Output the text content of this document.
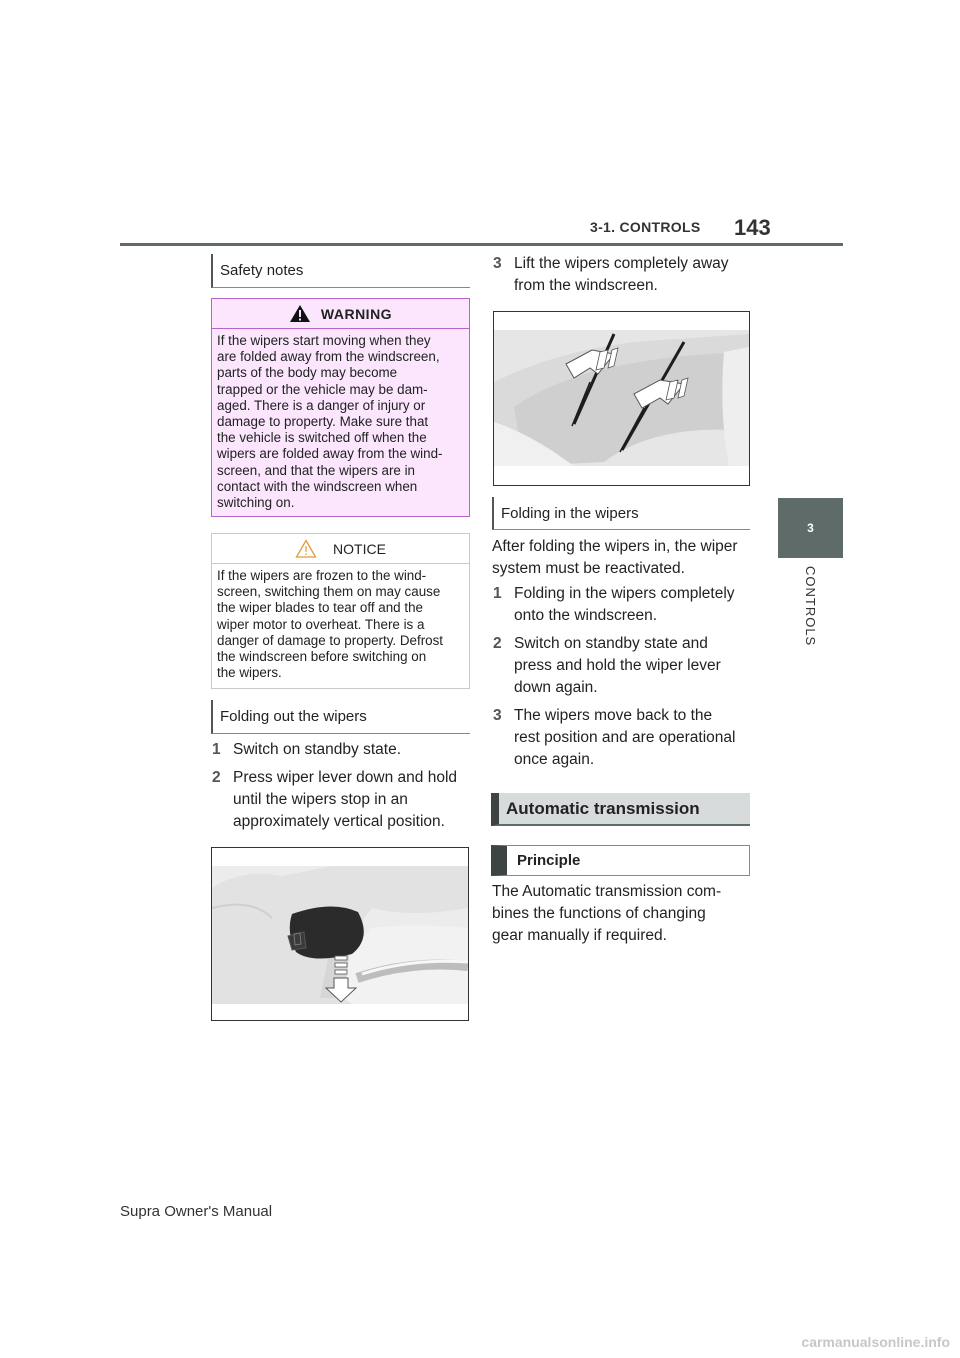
3-1. CONTROLS 143
3
CONTROLS
Safety notes
WARNING
If the wipers start moving when they
are folded away from the windscreen,
parts of the body may become
trapped or the vehicle may be dam-
aged. There is a danger of injury or
damage to property. Make sure that
the vehicle is switched off when the
wipers are folded away from the wind-
screen, and that the wipers are in
contact with the windscreen when
switching on.
NOTICE
If the wipers are frozen to the wind-
screen, switching them on may cause
the wiper blades to tear off and the
wiper motor to overheat. There is a
danger of damage to property. Defrost
the windscreen before switching on
the wipers.
Folding out the wipers
1 Switch on standby state.
2 Press wiper lever down and hold
until the wipers stop in an
approximately vertical position.
3 Lift the wipers completely away
from the windscreen.
Folding in the wipers
After folding the wipers in, the wiper
system must be reactivated.
1 Folding in the wipers completely
onto the windscreen.
2 Switch on standby state and
press and hold the wiper lever
down again.
3 The wipers move back to the
rest position and are operational
once again.
Automatic transmission
Principle
The Automatic transmission com-
bines the functions of changing
gear manually if required.
Supra Owner's Manual
carmanualsonline.info
